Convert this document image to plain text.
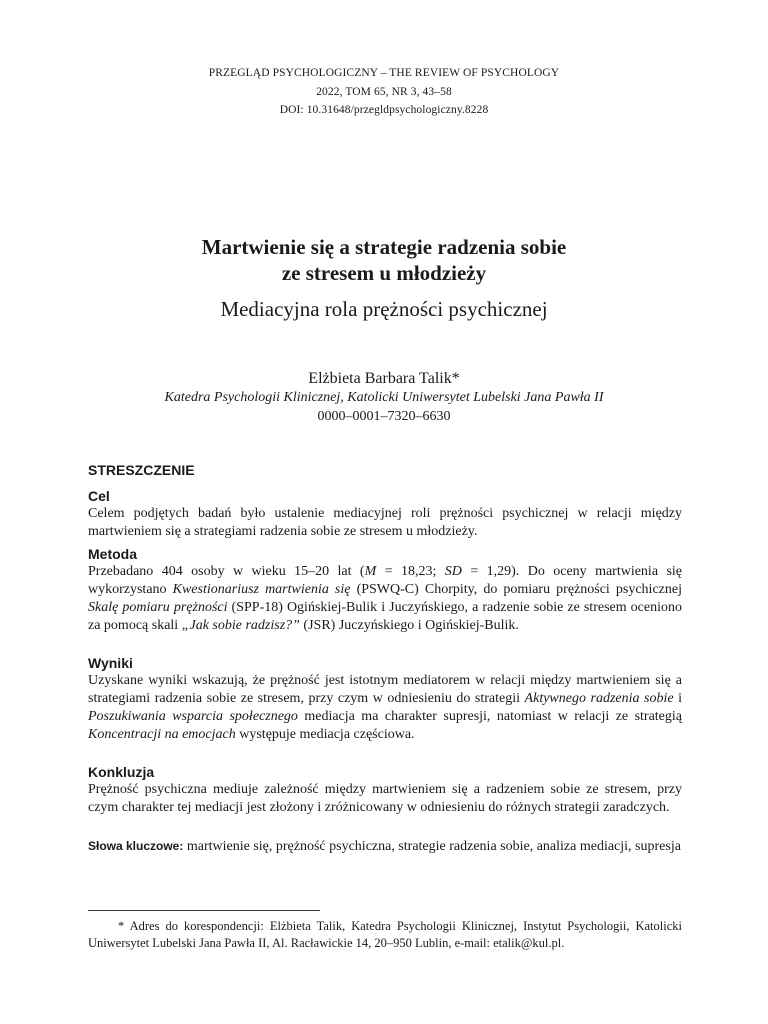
PRZEGLĄD PSYCHOLOGICZNY – THE REVIEW OF PSYCHOLOGY
2022, TOM 65, NR 3, 43–58
DOI: 10.31648/przegldpsychologiczny.8228
Martwienie się a strategie radzenia sobie
ze stresem u młodzieży
Mediacyjna rola prężności psychicznej
Elżbieta Barbara Talik*
Katedra Psychologii Klinicznej, Katolicki Uniwersytet Lubelski Jana Pawła II
0000–0001–7320–6630
STRESZCZENIE
Cel
Celem podjętych badań było ustalenie mediacyjnej roli prężności psychicznej w relacji między martwieniem się a strategiami radzenia sobie ze stresem u młodzieży.
Metoda
Przebadano 404 osoby w wieku 15–20 lat (M = 18,23; SD = 1,29). Do oceny martwienia się wykorzystano Kwestionariusz martwienia się (PSWQ-C) Chorpity, do pomiaru prężności psychicznej Skalę pomiaru prężności (SPP-18) Ogińskiej-Bulik i Juczyńskiego, a radzenie sobie ze stresem oceniono za pomocą skali „Jak sobie radzisz?” (JSR) Juczyńskiego i Ogińskiej-Bulik.
Wyniki
Uzyskane wyniki wskazują, że prężność jest istotnym mediatorem w relacji między martwieniem się a strategiami radzenia sobie ze stresem, przy czym w odniesieniu do strategii Aktywnego radzenia sobie i Poszukiwania wsparcia społecznego mediacja ma charakter supresji, natomiast w relacji ze strategią Koncentracji na emocjach występuje mediacja częściowa.
Konkluzja
Prężność psychiczna mediuje zależność między martwieniem się a radzeniem sobie ze stresem, przy czym charakter tej mediacji jest złożony i zróżnicowany w odniesieniu do różnych strategii zaradczych.
Słowa kluczowe: martwienie się, prężność psychiczna, strategie radzenia sobie, analiza mediacji, supresja
* Adres do korespondencji: Elżbieta Talik, Katedra Psychologii Klinicznej, Instytut Psychologii, Katolicki Uniwersytet Lubelski Jana Pawła II, Al. Racławickie 14, 20–950 Lublin, e-mail: etalik@kul.pl.
